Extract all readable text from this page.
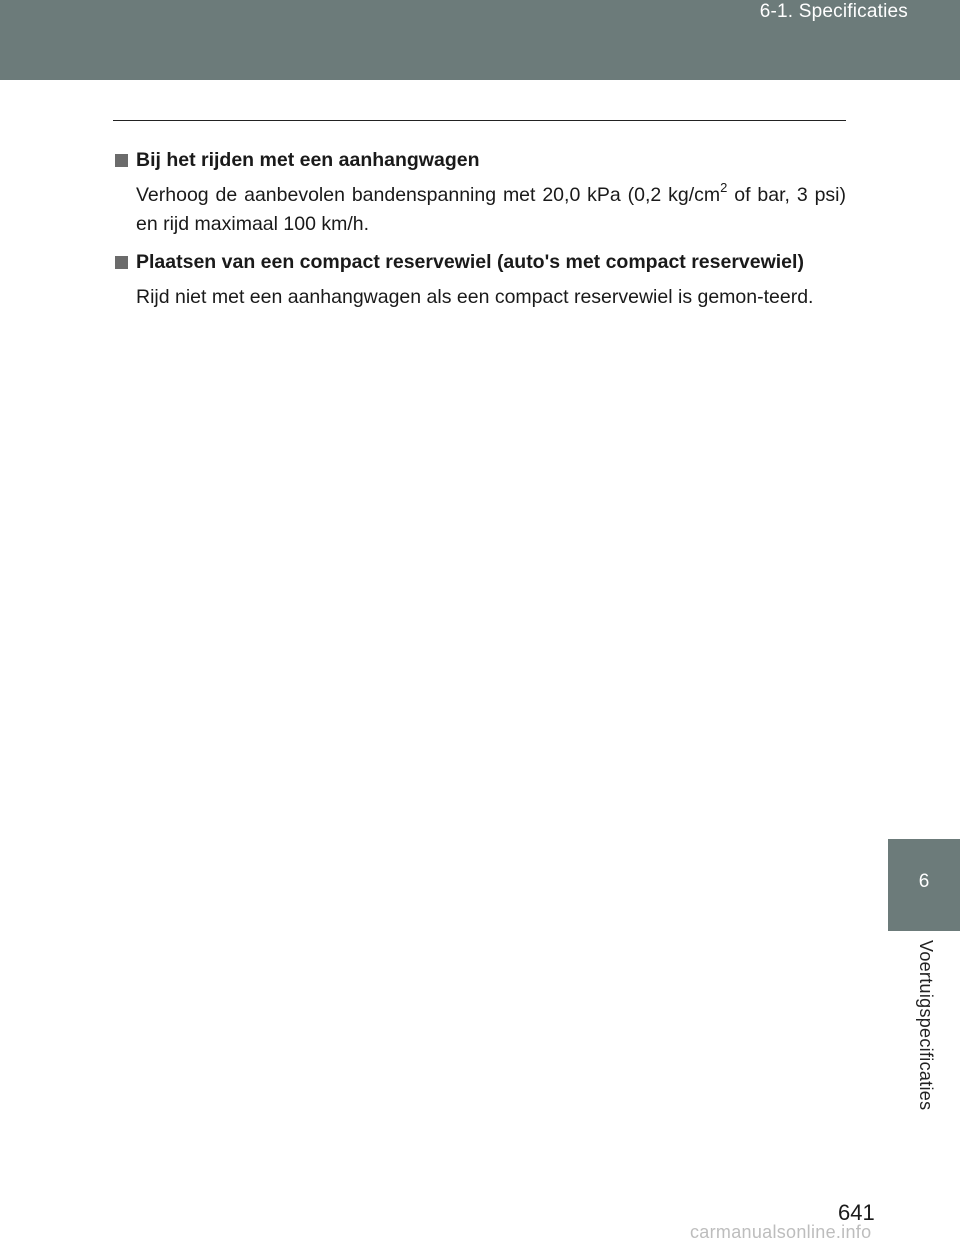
6-1. Specificaties
Bij het rijden met een aanhangwagen
Verhoog de aanbevolen bandenspanning met 20,0 kPa (0,2 $kg/cm^2$ of bar, 3 psi) en rijd maximaal 100 km/h.
Plaatsen van een compact reservewiel (auto's met compact reservewiel)
Rijd niet met een aanhangwagen als een compact reservewiel is gemon-teerd.
6
Voertuigspecificaties
641
carmanualsonline.info
